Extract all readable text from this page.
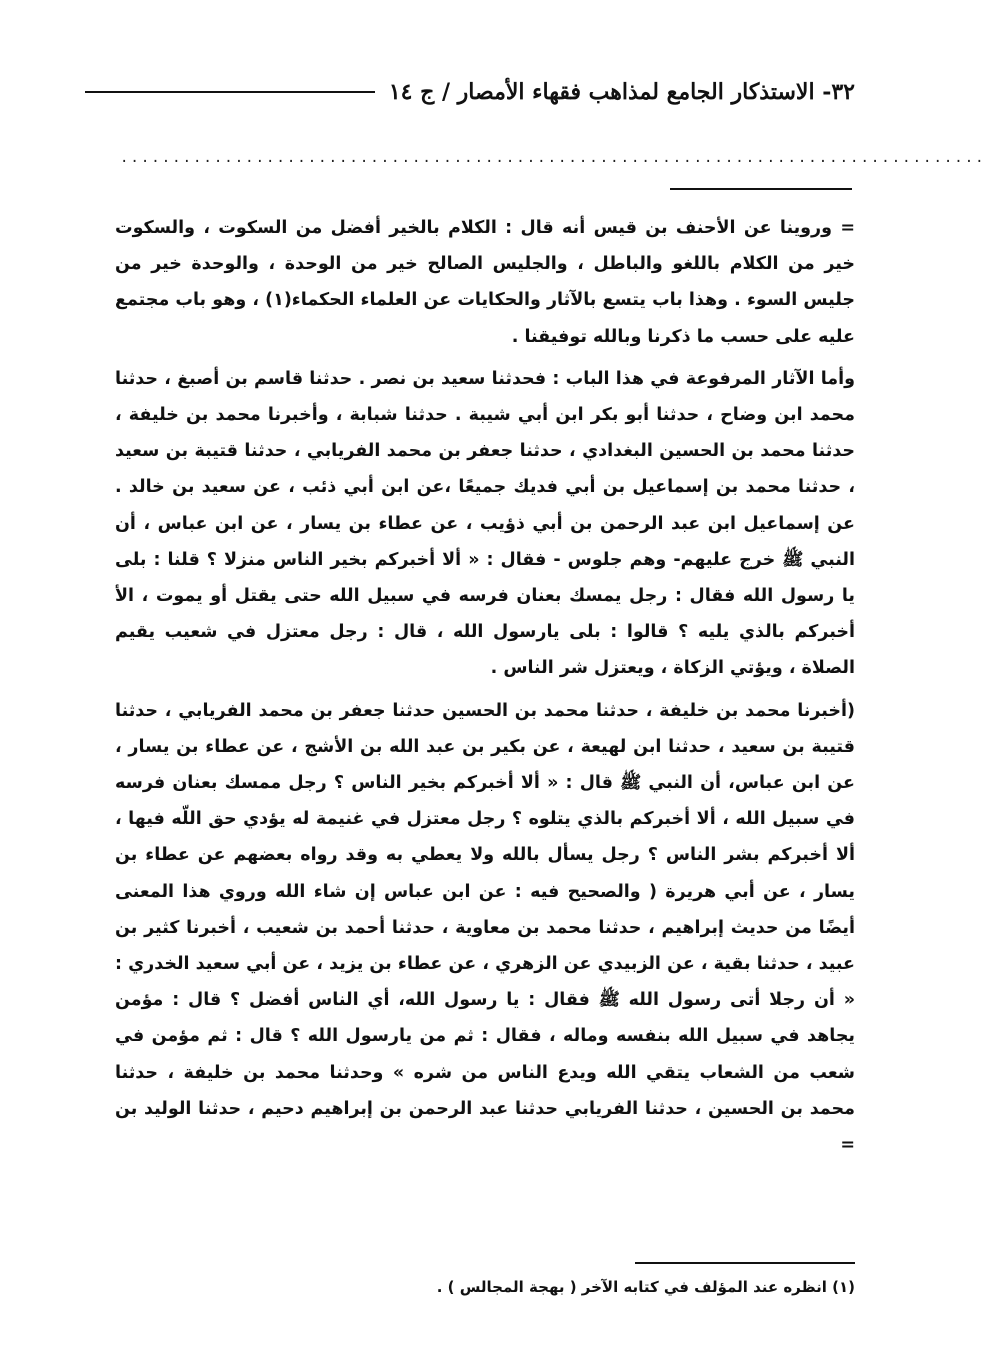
٣٢- الاستذكار الجامع لمذاهب فقهاء الأمصار / ج ١٤
...................................................................................

= وروينا عن الأحنف بن قيس أنه قال : الكلام بالخير أفضل من السكوت ، والسكوت خير من الكلام باللغو والباطل ، والجليس الصالح خير من الوحدة ، والوحدة خير من جليس السوء . وهذا باب يتسع بالآثار والحكايات عن العلماء الحكماء(١) ، وهو باب مجتمع عليه على حسب ما ذكرنا وبالله توفيقنا .

وأما الآثار المرفوعة في هذا الباب : فحدثنا سعيد بن نصر . حدثنا قاسم بن أصبغ ، حدثنا محمد ابن وضاح ، حدثنا أبو بكر ابن أبي شيبة . حدثنا شبابة ، وأخبرنا محمد بن خليفة ، حدثنا محمد بن الحسين البغدادي ، حدثنا جعفر بن محمد الفريابي ، حدثنا قتيبة بن سعيد ، حدثنا محمد بن إسماعيل بن أبي فديك جميعًا ،عن ابن أبي ذئب ، عن سعيد بن خالد . عن إسماعيل ابن عبد الرحمن بن أبي ذؤيب ، عن عطاء بن يسار ، عن ابن عباس ، أن النبي ﷺ خرج عليهم- وهم جلوس - فقال : « ألا أخبركم بخير الناس منزلا ؟ قلنا : بلى يا رسول الله فقال : رجل يمسك بعنان فرسه في سبيل الله حتى يقتل أو يموت ، الأ أخبركم بالذي يليه ؟ قالوا : بلى يارسول الله ، قال : رجل معتزل في شعيب يقيم الصلاة ، ويؤتي الزكاة ، ويعتزل شر الناس .

(أخبرنا محمد بن خليفة ، حدثنا محمد بن الحسين حدثنا جعفر بن محمد الفريابي ، حدثنا قتيبة بن سعيد ، حدثنا ابن لهيعة ، عن بكير بن عبد الله بن الأشج ، عن عطاء بن يسار ، عن ابن عباس، أن النبي ﷺ قال : « ألا أخبركم بخير الناس ؟ رجل ممسك بعنان فرسه في سبيل الله ، ألا أخبركم بالذي يتلوه ؟ رجل معتزل في غنيمة له يؤدي حق اللّه فيها ، ألا أخبركم بشر الناس ؟ رجل يسأل بالله ولا يعطي به وقد رواه بعضهم عن عطاء بن يسار ، عن أبي هريرة ( والصحيح فيه : عن ابن عباس إن شاء الله وروي هذا المعنى أيضًا من حديث إبراهيم ، حدثنا محمد بن معاوية ، حدثنا أحمد بن شعيب ، أخبرنا كثير بن عبيد ، حدثنا بقية ، عن الزبيدي عن الزهري ، عن عطاء بن يزيد ، عن أبي سعيد الخدري : « أن رجلا أتى رسول الله ﷺ فقال : يا رسول الله، أي الناس أفضل ؟ قال : مؤمن يجاهد في سبيل الله بنفسه وماله ، فقال : ثم من يارسول الله ؟ قال : ثم مؤمن في شعب من الشعاب يتقي الله ويدع الناس من شره » وحدثنا محمد بن خليفة ، حدثنا محمد بن الحسين ، حدثنا الفريابي حدثنا عبد الرحمن بن إبراهيم دحيم ، حدثنا الوليد بن =

(١) انظره عند المؤلف في كتابه الآخر ( بهجة المجالس ) .
